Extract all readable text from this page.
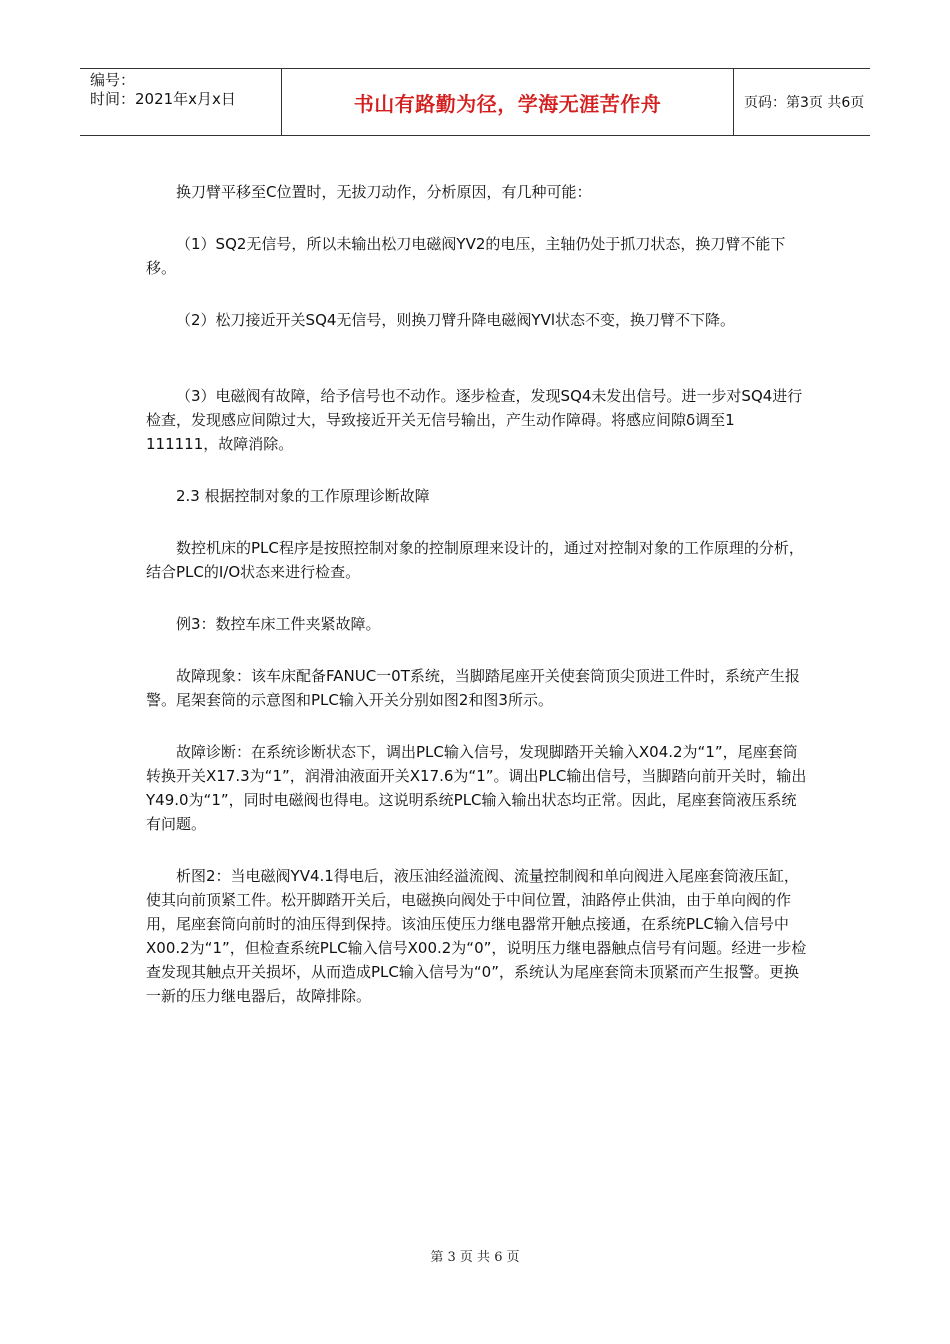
编号：
时间：2021年x月x日	书山有路勤为径，学海无涯苦作舟	页码：第3页 共6页

换刀臂平移至C位置时，无拔刀动作，分析原因，有几种可能：

（1）SQ2无信号，所以未输出松刀电磁阀YV2的电压，主轴仍处于抓刀状态，换刀臂不能下移。

（2）松刀接近开关SQ4无信号，则换刀臂升降电磁阀YVl状态不变，换刀臂不下降。

（3）电磁阀有故障，给予信号也不动作。逐步检查，发现SQ4未发出信号。进一步对SQ4进行检查，发现感应间隙过大，导致接近开关无信号输出，产生动作障碍。将感应间隙δ调至1 111111，故障消除。

2.3 根据控制对象的工作原理诊断故障

数控机床的PLC程序是按照控制对象的控制原理来设计的，通过对控制对象的工作原理的分析，结合PLC的I/O状态来进行检查。

例3：数控车床工件夹紧故障。

故障现象：该车床配备FANUC一0T系统，当脚踏尾座开关使套筒顶尖顶进工件时，系统产生报警。尾架套筒的示意图和PLC输入开关分别如图2和图3所示。

故障诊断：在系统诊断状态下，调出PLC输入信号，发现脚踏开关输入X04.2为“1”，尾座套筒转换开关X17.3为“1”，润滑油液面开关X17.6为“1”。调出PLC输出信号，当脚踏向前开关时，输出Y49.0为“1”，同时电磁阀也得电。这说明系统PLC输入输出状态均正常。因此，尾座套筒液压系统有问题。

析图2：当电磁阀YV4.1得电后，液压油经溢流阀、流量控制阀和单向阀进入尾座套筒液压缸，使其向前顶紧工件。松开脚踏开关后，电磁换向阀处于中间位置，油路停止供油，由于单向阀的作用，尾座套筒向前时的油压得到保持。该油压使压力继电器常开触点接通，在系统PLC输入信号中X00.2为“1”，但检查系统PLC输入信号X00.2为“0”，说明压力继电器触点信号有问题。经进一步检查发现其触点开关损坏，从而造成PLC输入信号为“0”，系统认为尾座套筒未顶紧而产生报警。更换一新的压力继电器后，故障排除。

第 3 页 共 6 页
